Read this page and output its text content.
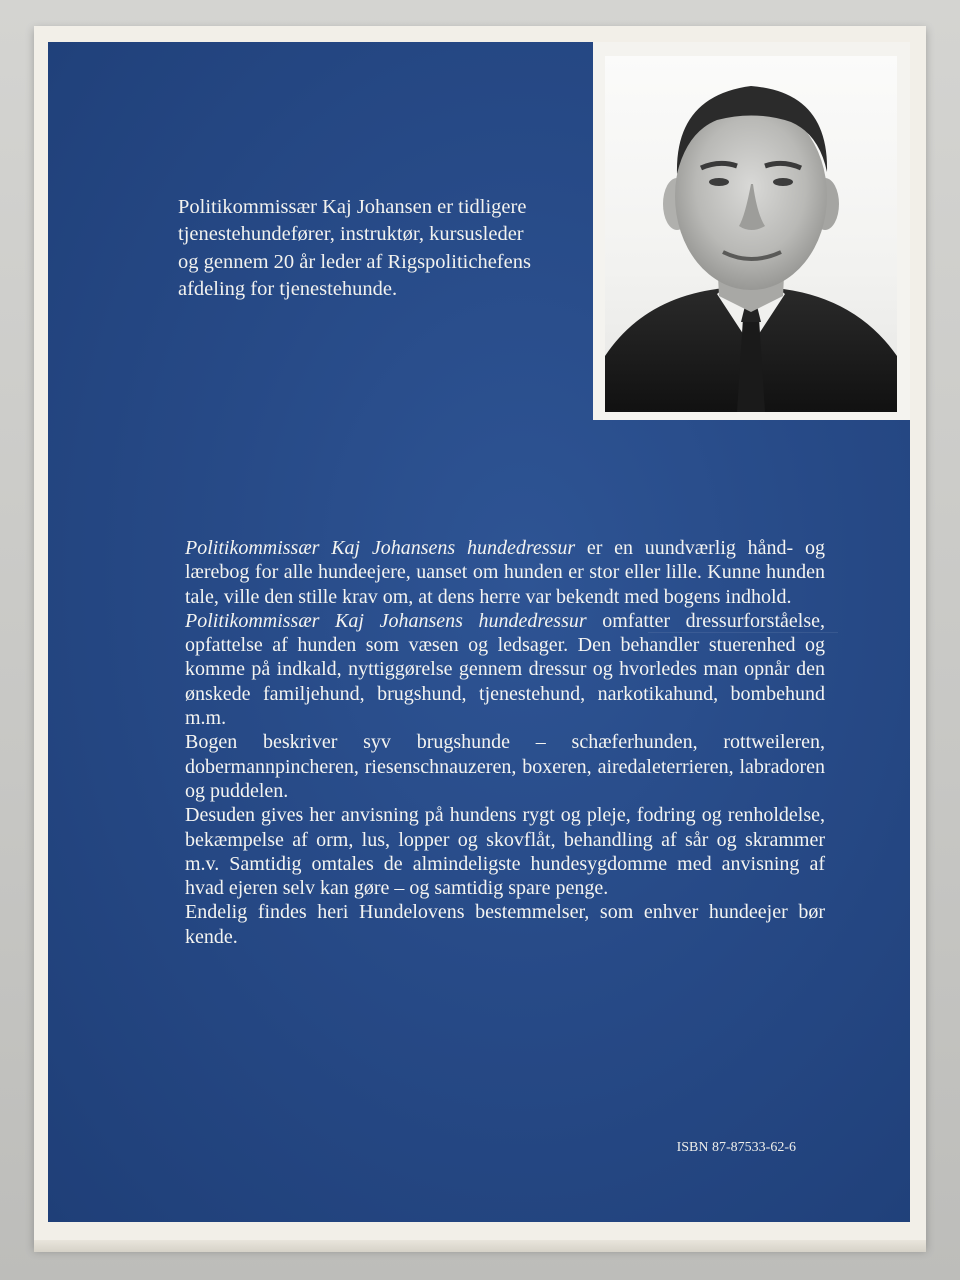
Politikommissær Kaj Johansen er tidligere tjenestehundefører, instruktør, kursusleder og gennem 20 år leder af Rigspolitichefens afdeling for tjenestehunde.

Politikommissær Kaj Johansens hundedressur er en uundværlig hånd- og lærebog for alle hundeejere, uanset om hunden er stor eller lille. Kunne hunden tale, ville den stille krav om, at dens herre var bekendt med bogens indhold.

Politikommissær Kaj Johansens hundedressur omfatter dressurforståelse, opfattelse af hunden som væsen og ledsager. Den behandler stuerenhed og komme på indkald, nyttiggørelse gennem dressur og hvorledes man opnår den ønskede familjehund, brugshund, tjenestehund, narkotikahund, bombehund m.m.

Bogen beskriver syv brugshunde – schæferhunden, rottweileren, dobermannpincheren, riesenschnauzeren, boxeren, airedaleterrieren, labradoren og puddelen.

Desuden gives her anvisning på hundens rygt og pleje, fodring og renholdelse, bekæmpelse af orm, lus, lopper og skovflåt, behandling af sår og skrammer m.v. Samtidig omtales de almindeligste hundesygdomme med anvisning af hvad ejeren selv kan gøre – og samtidig spare penge.

Endelig findes heri Hundelovens bestemmelser, som enhver hundeejer bør kende.

ISBN 87-87533-62-6
